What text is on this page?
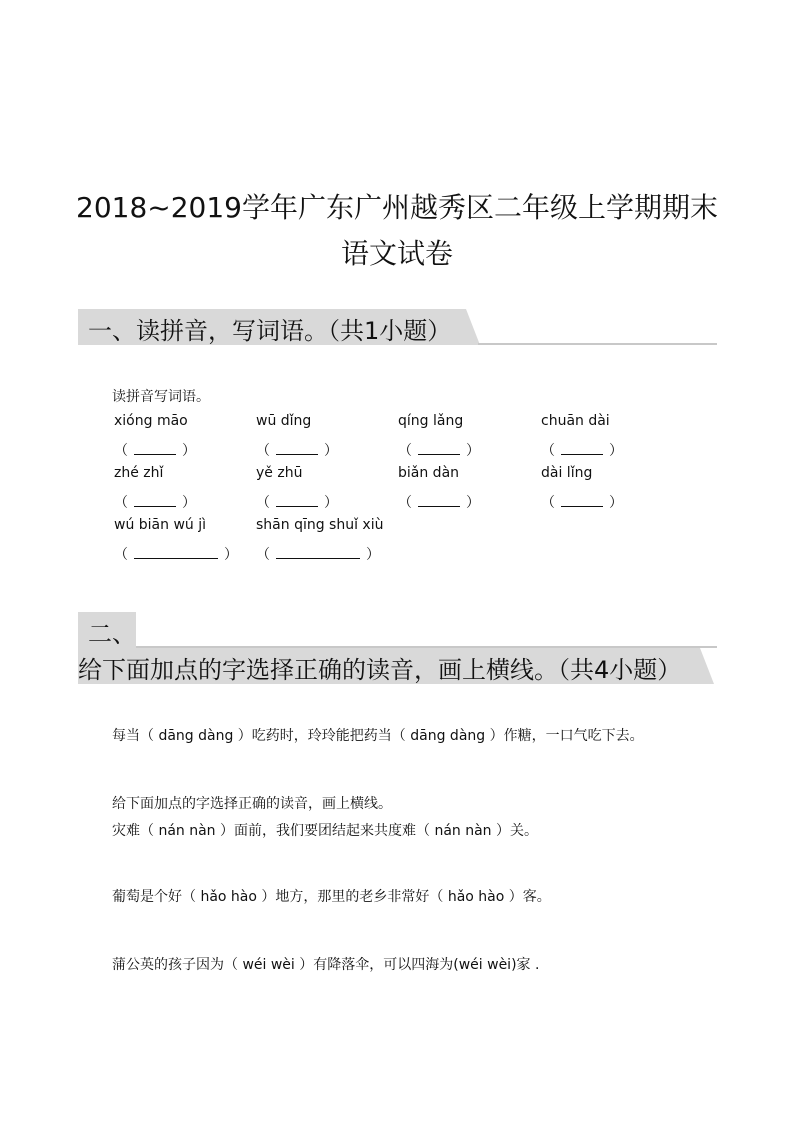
2018~2019学年广东广州越秀区二年级上学期期末
语文试卷
一、读拼音，写词语。（共1小题）
读拼音写词语。
xióng māo	wū dǐng	qíng lǎng	chuān dài
（	）	（	）	（	）	（	）
zhé zhǐ	yě zhū	biǎn dàn	dài lǐng
（	）	（	）	（	）	（	）
wú biān wú jì	shān qīng shuǐ xiù
（	） （	）
二、
给下面加点的字选择正确的读音，画上横线。（共4小题）
每当（ dāng dàng ）吃药时，玲玲能把药当（ dāng dàng ）作糖，一口气吃下去。
给下面加点的字选择正确的读音，画上横线。
灾难（ nán nàn ）面前，我们要团结起来共度难（ nán nàn ）关。
葡萄是个好（ hǎo hào ）地方，那里的老乡非常好（ hǎo hào ）客。
蒲公英的孩子因为（ wéi wèi ）有降落伞，可以四海为(wéi wèi)家 .
